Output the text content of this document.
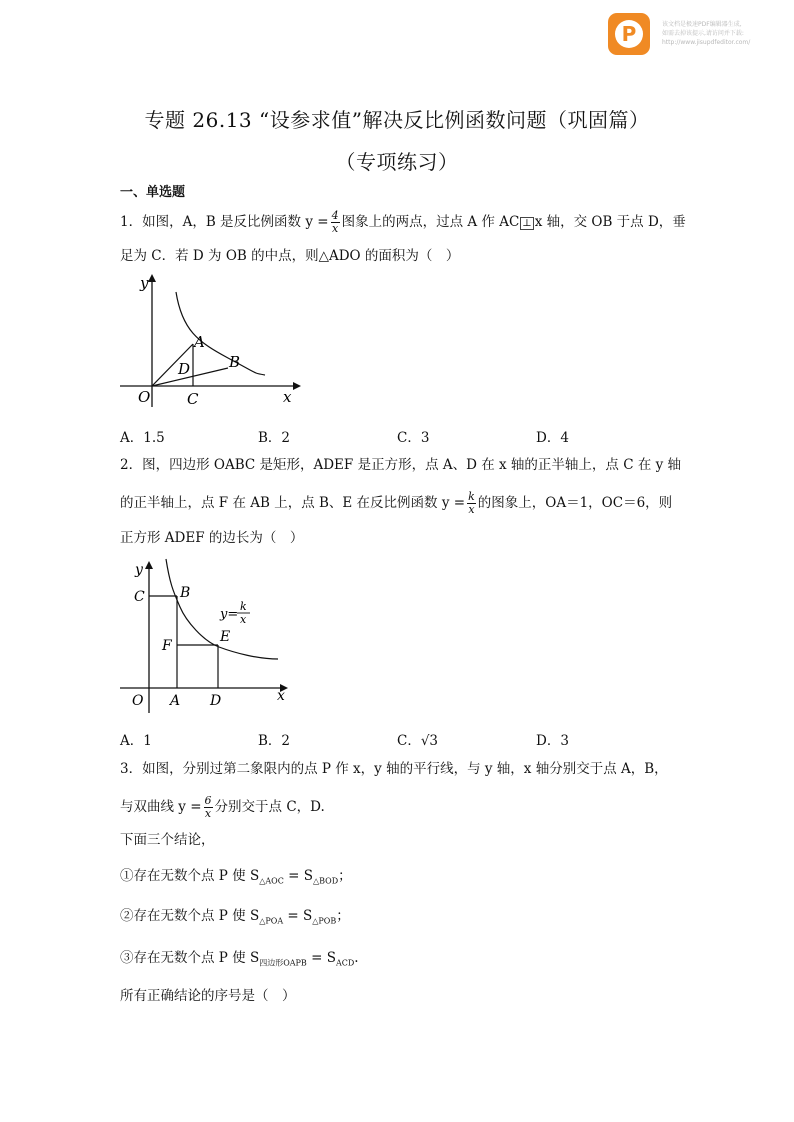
P	该文档是极速PDF编辑器生成,
如需去掉该提示,请访问并下载:
http://www.jisupdfeditor.com/
专题 26.13 “设参求值”解决反比例函数问题（巩固篇）
（专项练习）
一、单选题
1．如图，A，B 是反比例函数 $y = \frac{4}{x}$ 图象上的两点，过点 A 作 AC ⊥ x 轴，交 OB 于点 D，垂
足为 C．若 D 为 OB 的中点，则△ADO 的面积为（　）
y
x
O
A
B
C
D
A．1.5	B．2	C．3	D．4
2．图，四边形 OABC 是矩形，ADEF 是正方形，点 A、D 在 x 轴的正半轴上，点 C 在 y 轴
的正半轴上，点 F 在 AB 上，点 B、E 在反比例函数 $y = \frac{k}{x}$ 的图象上，OA＝1，OC＝6，则
正方形 ADEF 的边长为（　）
y
x
O A
B
C
D
E
F
y=
k
x
A．1	B．2	C．√3	D．3
3．如图，分别过第二象限内的点 P 作 x，y 轴的平行线，与 y 轴，x 轴分别交于点 A，B，
与双曲线 $y = \frac{6}{x}$ 分别交于点 C，D.
下面三个结论，
①存在无数个点 P 使 $S_{\triangle AOC} = S_{\triangle BOD}$；
②存在无数个点 P 使 $S_{\triangle POA} = S_{\triangle POB}$；
③存在无数个点 P 使 $S_{四边形OAPB} = S_{ACD}$.
所有正确结论的序号是（　）
